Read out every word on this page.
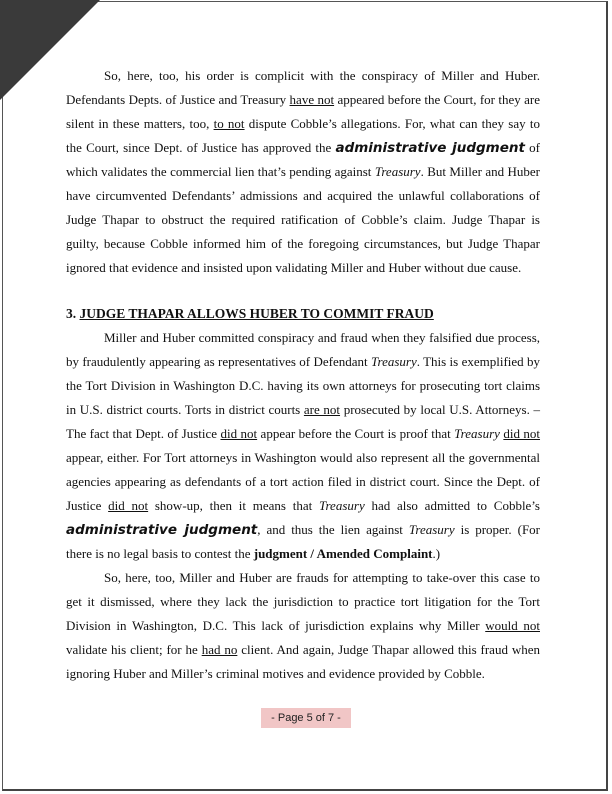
So, here, too, his order is complicit with the conspiracy of Miller and Huber. Defendants Depts. of Justice and Treasury have not appeared before the Court, for they are silent in these matters, too, to not dispute Cobble’s allegations. For, what can they say to the Court, since Dept. of Justice has approved the administrative judgment of which validates the commercial lien that’s pending against Treasury. But Miller and Huber have circumvented Defendants’ admissions and acquired the unlawful collaborations of Judge Thapar to obstruct the required ratification of Cobble’s claim. Judge Thapar is guilty, because Cobble informed him of the foregoing circumstances, but Judge Thapar ignored that evidence and insisted upon validating Miller and Huber without due cause.

3. JUDGE THAPAR ALLOWS HUBER TO COMMIT FRAUD

Miller and Huber committed conspiracy and fraud when they falsified due process, by fraudulently appearing as representatives of Defendant Treasury. This is exemplified by the Tort Division in Washington D.C. having its own attorneys for prosecuting tort claims in U.S. district courts. Torts in district courts are not prosecuted by local U.S. Attorneys. – The fact that Dept. of Justice did not appear before the Court is proof that Treasury did not appear, either. For Tort attorneys in Washington would also represent all the governmental agencies appearing as defendants of a tort action filed in district court. Since the Dept. of Justice did not show-up, then it means that Treasury had also admitted to Cobble’s administrative judgment, and thus the lien against Treasury is proper. (For there is no legal basis to contest the judgment / Amended Complaint.)

So, here, too, Miller and Huber are frauds for attempting to take-over this case to get it dismissed, where they lack the jurisdiction to practice tort litigation for the Tort Division in Washington, D.C. This lack of jurisdiction explains why Miller would not validate his client; for he had no client. And again, Judge Thapar allowed this fraud when ignoring Huber and Miller’s criminal motives and evidence provided by Cobble.

- Page 5 of 7 -
